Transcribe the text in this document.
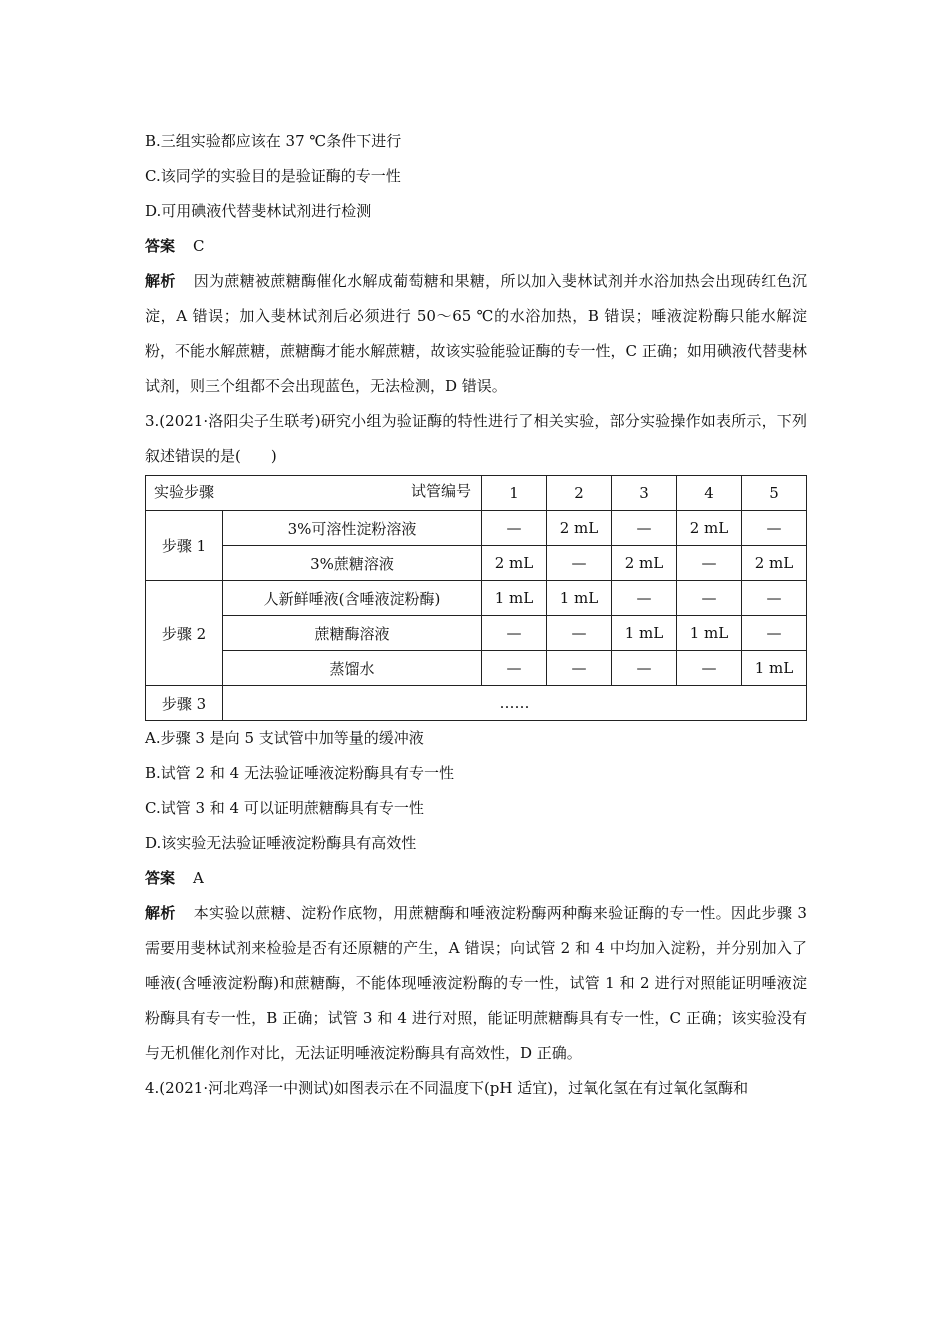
B.三组实验都应该在 37 ℃条件下进行
C.该同学的实验目的是验证酶的专一性
D.可用碘液代替斐林试剂进行检测
答案 C
解析 因为蔗糖被蔗糖酶催化水解成葡萄糖和果糖，所以加入斐林试剂并水浴加热会出现砖红色沉淀，A 错误；加入斐林试剂后必须进行 50～65 ℃的水浴加热，B 错误；唾液淀粉酶只能水解淀粉，不能水解蔗糖，蔗糖酶才能水解蔗糖，故该实验能验证酶的专一性，C 正确；如用碘液代替斐林试剂，则三个组都不会出现蓝色，无法检测，D 错误。
3.(2021·洛阳尖子生联考)研究小组为验证酶的特性进行了相关实验，部分实验操作如表所示，下列叙述错误的是(　　)
试管编号
实验步骤		1	2	3	4	5
步骤 1	3%可溶性淀粉溶液	—	2 mL	—	2 mL	—
	3%蔗糖溶液	2 mL	—	2 mL	—	2 mL
步骤 2	人新鲜唾液(含唾液淀粉酶)	1 mL	1 mL	—	—	—
	蔗糖酶溶液	—	—	1 mL	1 mL	—
	蒸馏水	—	—	—	—	1 mL
步骤 3	……					
A.步骤 3 是向 5 支试管中加等量的缓冲液
B.试管 2 和 4 无法验证唾液淀粉酶具有专一性
C.试管 3 和 4 可以证明蔗糖酶具有专一性
D.该实验无法验证唾液淀粉酶具有高效性
答案 A
解析 本实验以蔗糖、淀粉作底物，用蔗糖酶和唾液淀粉酶两种酶来验证酶的专一性。因此步骤 3 需要用斐林试剂来检验是否有还原糖的产生，A 错误；向试管 2 和 4 中均加入淀粉，并分别加入了唾液(含唾液淀粉酶)和蔗糖酶，不能体现唾液淀粉酶的专一性，试管 1 和 2 进行对照能证明唾液淀粉酶具有专一性，B 正确；试管 3 和 4 进行对照，能证明蔗糖酶具有专一性，C 正确；该实验没有与无机催化剂作对比，无法证明唾液淀粉酶具有高效性，D 正确。
4.(2021·河北鸡泽一中测试)如图表示在不同温度下(pH 适宜)，过氧化氢在有过氧化氢酶和
